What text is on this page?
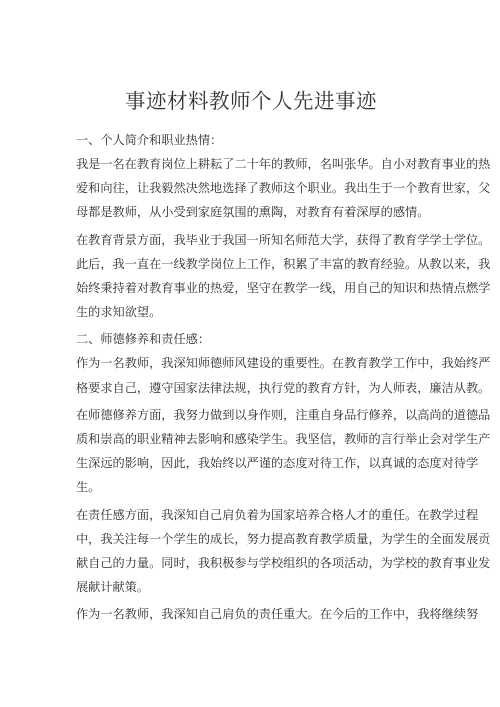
事迹材料教师个人先进事迹

一、个人简介和职业热情：

我是一名在教育岗位上耕耘了二十年的教师，名叫张华。自小对教育事业的热
爱和向往，让我毅然决然地选择了教师这个职业。我出生于一个教育世家，父
母都是教师，从小受到家庭氛围的熏陶，对教育有着深厚的感情。

在教育背景方面，我毕业于我国一所知名师范大学，获得了教育学学士学位。
此后，我一直在一线教学岗位上工作，积累了丰富的教育经验。从教以来，我
始终秉持着对教育事业的热爱，坚守在教学一线，用自己的知识和热情点燃学
生的求知欲望。

二、师德修养和责任感：

作为一名教师，我深知师德师风建设的重要性。在教育教学工作中，我始终严
格要求自己，遵守国家法律法规，执行党的教育方针，为人师表，廉洁从教。

在师德修养方面，我努力做到以身作则，注重自身品行修养，以高尚的道德品
质和崇高的职业精神去影响和感染学生。我坚信，教师的言行举止会对学生产
生深远的影响，因此，我始终以严谨的态度对待工作，以真诚的态度对待学
生。

在责任感方面，我深知自己肩负着为国家培养合格人才的重任。在教学过程
中，我关注每一个学生的成长，努力提高教育教学质量，为学生的全面发展贡
献自己的力量。同时，我积极参与学校组织的各项活动，为学校的教育事业发
展献计献策。

作为一名教师，我深知自己肩负的责任重大。在今后的工作中，我将继续努
